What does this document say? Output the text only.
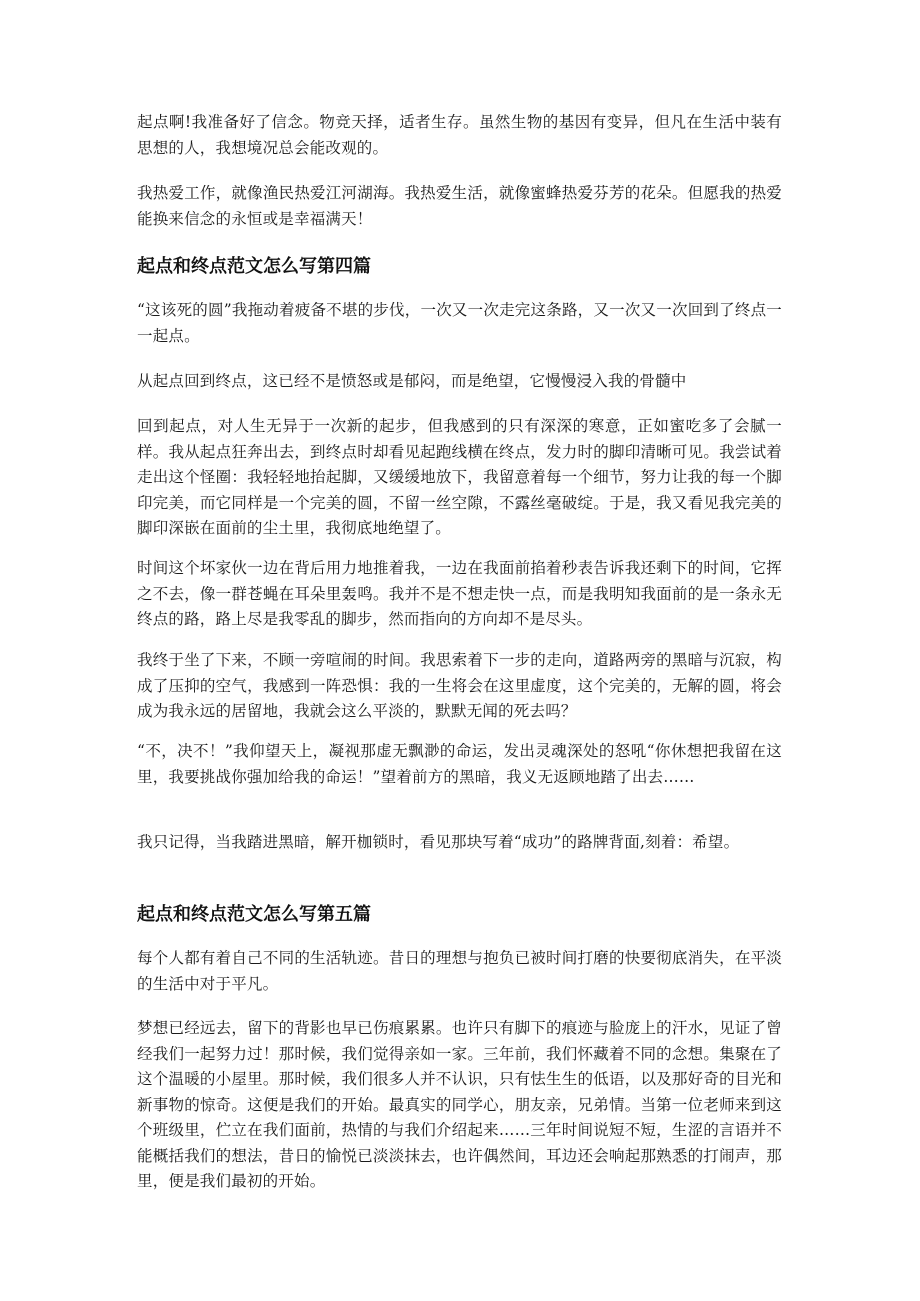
起点啊!我准备好了信念。物竞天择，适者生存。虽然生物的基因有变异，但凡在生活中装有思想的人，我想境况总会能改观的。

我热爱工作，就像渔民热爱江河湖海。我热爱生活，就像蜜蜂热爱芬芳的花朵。但愿我的热爱能换来信念的永恒或是幸福满天！

起点和终点范文怎么写第四篇

“这该死的圆”我拖动着疲备不堪的步伐，一次又一次走完这条路，又一次又一次回到了终点一一起点。

从起点回到终点，这已经不是愤怒或是郁闷，而是绝望，它慢慢浸入我的骨髓中

回到起点，对人生无异于一次新的起步，但我感到的只有深深的寒意，正如蜜吃多了会腻一样。我从起点狂奔出去，到终点时却看见起跑线横在终点，发力时的脚印清晰可见。我尝试着走出这个怪圈：我轻轻地抬起脚，又缓缓地放下，我留意着每一个细节，努力让我的每一个脚印完美，而它同样是一个完美的圆，不留一丝空隙，不露丝毫破绽。于是，我又看见我完美的脚印深嵌在面前的尘土里，我彻底地绝望了。

时间这个坏家伙一边在背后用力地推着我，一边在我面前掐着秒表告诉我还剩下的时间，它挥之不去，像一群苍蝇在耳朵里轰鸣。我并不是不想走快一点，而是我明知我面前的是一条永无终点的路，路上尽是我零乱的脚步，然而指向的方向却不是尽头。

我终于坐了下来，不顾一旁喧闹的时间。我思索着下一步的走向，道路两旁的黑暗与沉寂，构成了压抑的空气，我感到一阵恐惧：我的一生将会在这里虚度，这个完美的，无解的圆，将会成为我永远的居留地，我就会这么平淡的，默默无闻的死去吗？

“不，决不！”我仰望天上，凝视那虚无飘渺的命运，发出灵魂深处的怒吼“你休想把我留在这里，我要挑战你强加给我的命运！”望着前方的黑暗，我义无返顾地踏了出去……

我只记得，当我踏进黑暗，解开枷锁时，看见那块写着“成功”的路牌背面,刻着：希望。

起点和终点范文怎么写第五篇

每个人都有着自己不同的生活轨迹。昔日的理想与抱负已被时间打磨的快要彻底消失，在平淡的生活中对于平凡。

梦想已经远去，留下的背影也早已伤痕累累。也许只有脚下的痕迹与脸庞上的汗水，见证了曾经我们一起努力过！那时候，我们觉得亲如一家。三年前，我们怀藏着不同的念想。集聚在了这个温暖的小屋里。那时候，我们很多人并不认识，只有怯生生的低语，以及那好奇的目光和新事物的惊奇。这便是我们的开始。最真实的同学心，朋友亲，兄弟情。当第一位老师来到这个班级里，伫立在我们面前，热情的与我们介绍起来……三年时间说短不短，生涩的言语并不能概括我们的想法，昔日的愉悦已淡淡抹去，也许偶然间，耳边还会响起那熟悉的打闹声，那里，便是我们最初的开始。
